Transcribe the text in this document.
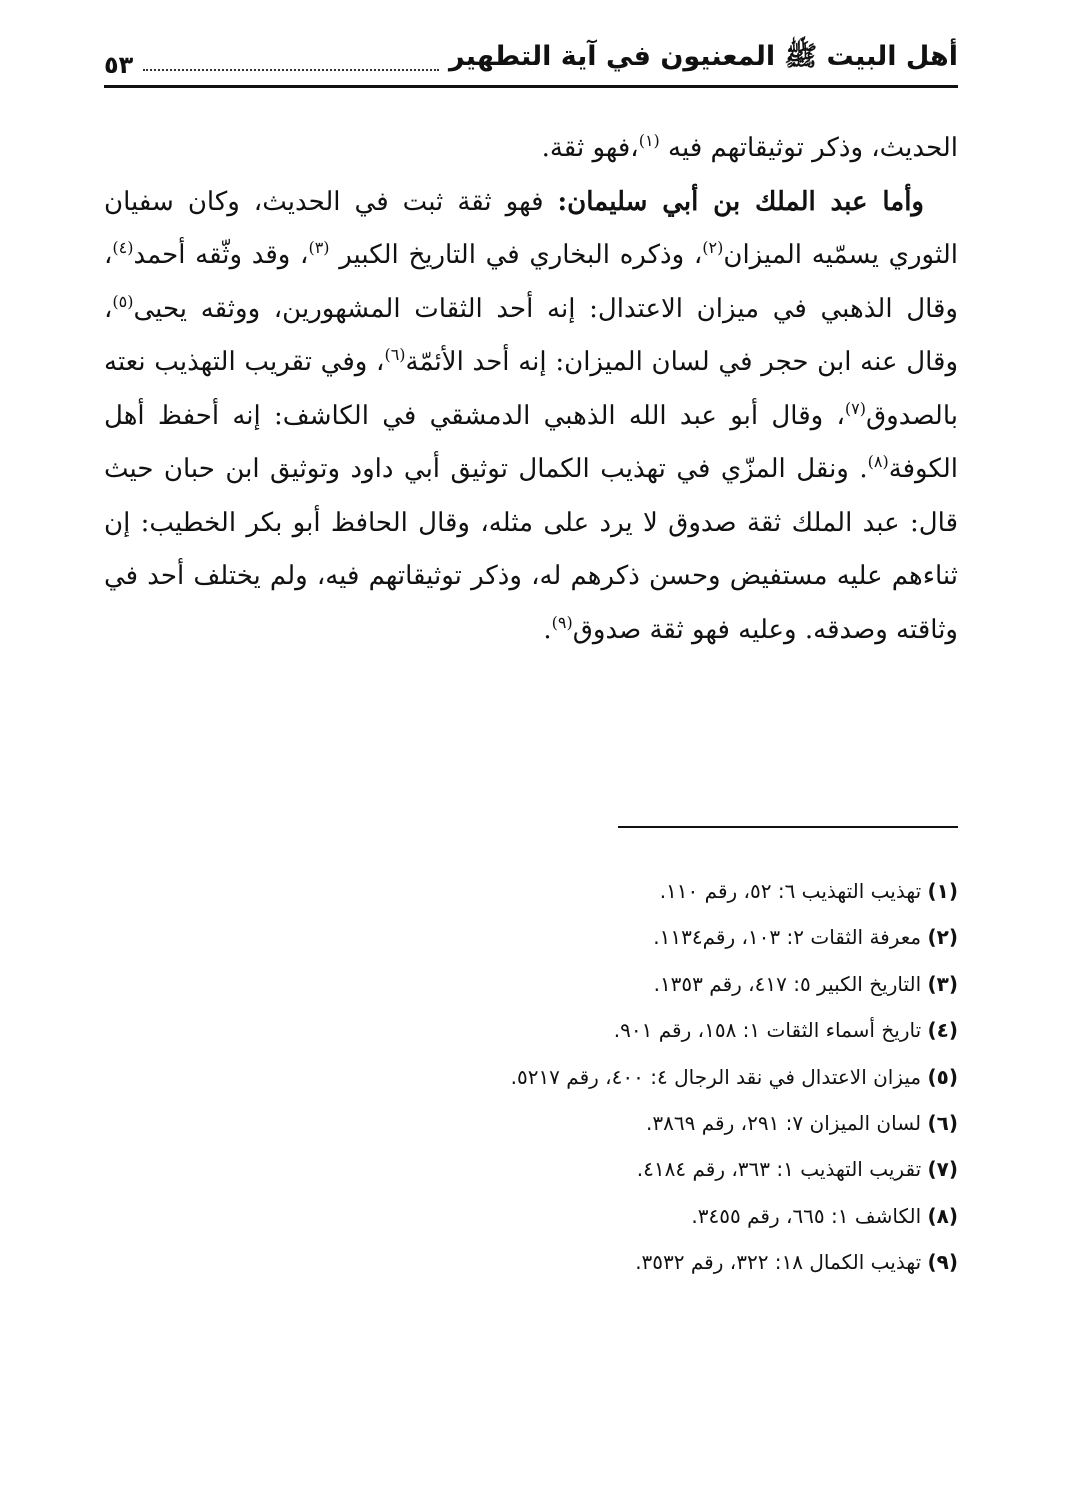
أهل البيت ﷺ المعنيون في آية التطهير
٥٣

الحديث، وذكر توثيقاتهم فيه $^{(١)}$،فهو ثقة.

وأما عبد الملك بن أبي سليمان: فهو ثقة ثبت في الحديث، وكان سفيان الثوري يسمّيه الميزان$^{(٢)}$، وذكره البخاري في التاريخ الكبير $^{(٣)}$، وقد وثّقه أحمد$^{(٤)}$، وقال الذهبي في ميزان الاعتدال: إنه أحد الثقات المشهورين، ووثقه يحيى$^{(٥)}$، وقال عنه ابن حجر في لسان الميزان: إنه أحد الأئمّة$^{(٦)}$، وفي تقريب التهذيب نعته بالصدوق$^{(٧)}$، وقال أبو عبد الله الذهبي الدمشقي في الكاشف: إنه أحفظ أهل الكوفة$^{(٨)}$. ونقل المزّي في تهذيب الكمال توثيق أبي داود وتوثيق ابن حبان حيث قال: عبد الملك ثقة صدوق لا يرد على مثله، وقال الحافظ أبو بكر الخطيب: إن ثناءهم عليه مستفيض وحسن ذكرهم له، وذكر توثيقاتهم فيه، ولم يختلف أحد في وثاقته وصدقه. وعليه فهو ثقة صدوق$^{(٩)}$.

(١) تهذيب التهذيب ٦: ٥٢، رقم ١١٠.
(٢) معرفة الثقات ٢: ١٠٣، رقم١١٣٤.
(٣) التاريخ الكبير ٥: ٤١٧، رقم ١٣٥٣.
(٤) تاريخ أسماء الثقات ١: ١٥٨، رقم ٩٠١.
(٥) ميزان الاعتدال في نقد الرجال ٤: ٤٠٠، رقم ٥٢١٧.
(٦) لسان الميزان ٧: ٢٩١، رقم ٣٨٦٩.
(٧) تقريب التهذيب ١: ٣٦٣، رقم ٤١٨٤.
(٨) الكاشف ١: ٦٦٥، رقم ٣٤٥٥.
(٩) تهذيب الكمال ١٨: ٣٢٢، رقم ٣٥٣٢.
